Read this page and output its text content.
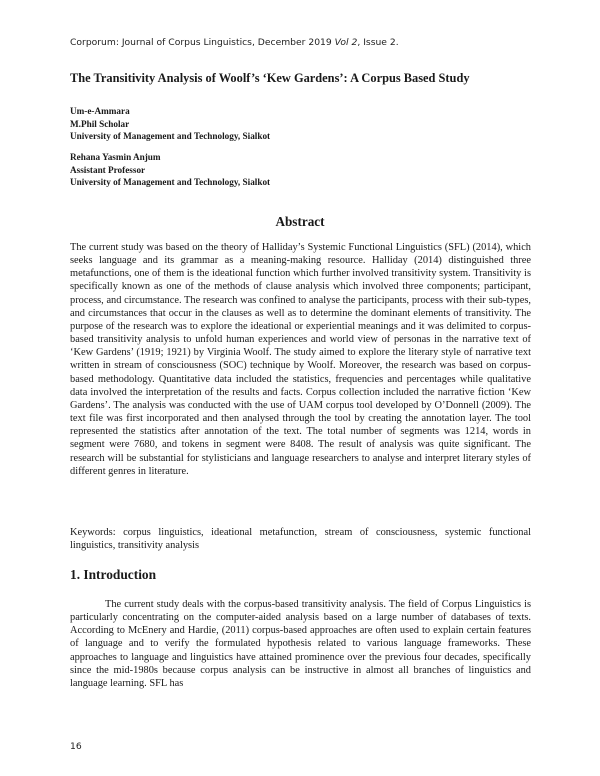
Corporum: Journal of Corpus Linguistics, December 2019 Vol 2, Issue 2.
The Transitivity Analysis of Woolf’s ‘Kew Gardens’: A Corpus Based Study
Um-e-Ammara
M.Phil Scholar
University of Management and Technology, Sialkot
Rehana Yasmin Anjum
Assistant Professor
University of Management and Technology, Sialkot
Abstract
The current study was based on the theory of Halliday’s Systemic Functional Linguistics (SFL) (2014), which seeks language and its grammar as a meaning-making resource. Halliday (2014) distinguished three metafunctions, one of them is the ideational function which further involved transitivity system. Transitivity is specifically known as one of the methods of clause analysis which involved three components; participant, process, and circumstance. The research was confined to analyse the participants, process with their sub-types, and circumstances that occur in the clauses as well as to determine the dominant elements of transitivity. The purpose of the research was to explore the ideational or experiential meanings and it was delimited to corpus-based transitivity analysis to unfold human experiences and world view of personas in the narrative text of ‘Kew Gardens’ (1919; 1921) by Virginia Woolf. The study aimed to explore the literary style of narrative text written in stream of consciousness (SOC) technique by Woolf. Moreover, the research was based on corpus-based methodology. Quantitative data included the statistics, frequencies and percentages while qualitative data involved the interpretation of the results and facts. Corpus collection included the narrative fiction ‘Kew Gardens’. The analysis was conducted with the use of UAM corpus tool developed by O’Donnell (2009). The text file was first incorporated and then analysed through the tool by creating the annotation layer. The tool represented the statistics after annotation of the text. The total number of segments was 1214, words in segment were 7680, and tokens in segment were 8408. The result of analysis was quite significant. The research will be substantial for stylisticians and language researchers to analyse and interpret literary styles of different genres in literature.
Keywords: corpus linguistics, ideational metafunction, stream of consciousness, systemic functional linguistics, transitivity analysis
1. Introduction
The current study deals with the corpus-based transitivity analysis. The field of Corpus Linguistics is particularly concentrating on the computer-aided analysis based on a large number of databases of texts. According to McEnery and Hardie, (2011) corpus-based approaches are often used to explain certain features of language and to verify the formulated hypothesis related to various language frameworks. These approaches to language and linguistics have attained prominence over the previous four decades, specifically since the mid-1980s because corpus analysis can be instructive in almost all branches of linguistics and language learning. SFL has
16
